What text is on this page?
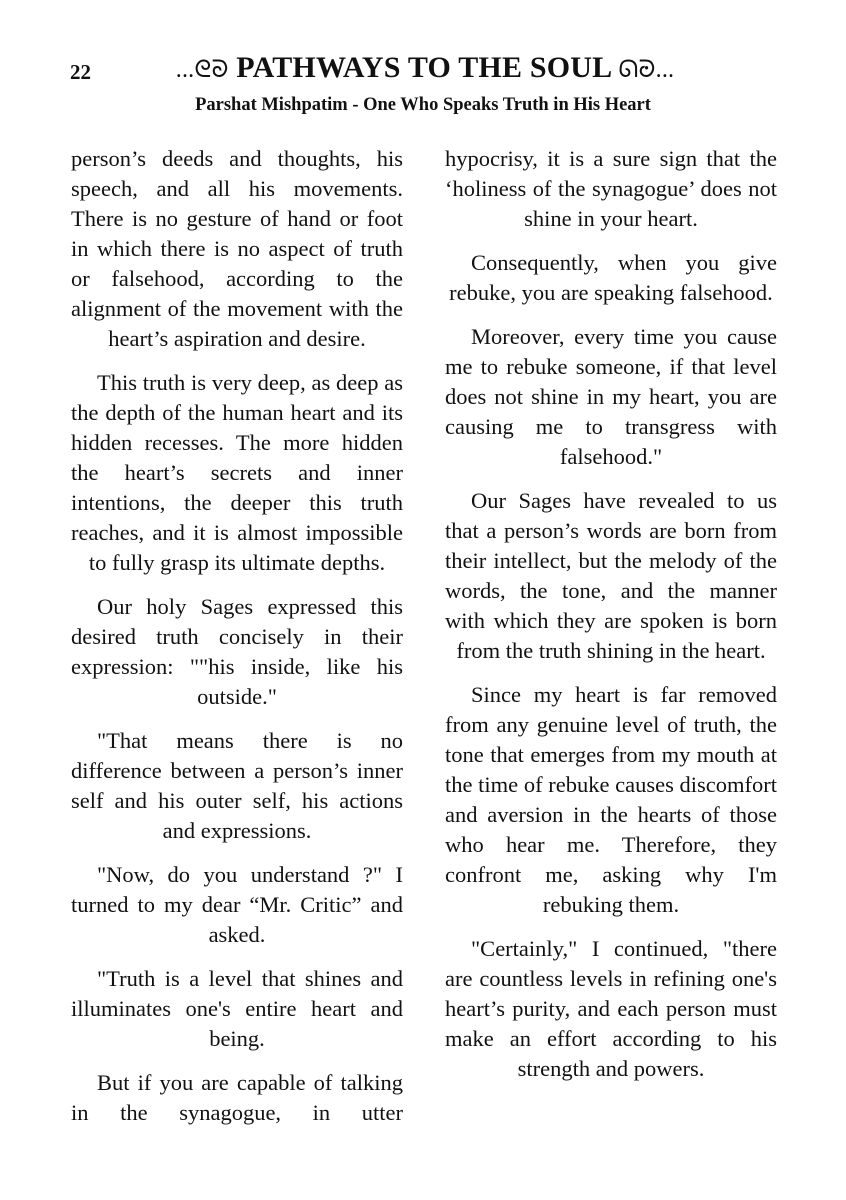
22	...ᘓᘐ PATHWAYS TO THE SOUL ᘏᘒ...
Parshat Mishpatim - One Who Speaks Truth in His Heart

person’s deeds and thoughts, his speech, and all his movements. There is no gesture of hand or foot in which there is no aspect of truth or falsehood, according to the alignment of the movement with the heart’s aspiration and desire.

This truth is very deep, as deep as the depth of the human heart and its hidden recesses. The more hidden the heart’s secrets and inner intentions, the deeper this truth reaches, and it is almost impossible to fully grasp its ultimate depths.

Our holy Sages expressed this desired truth concisely in their expression: ""his inside, like his outside."

"That means there is no difference between a person’s inner self and his outer self, his actions and expressions.

"Now, do you understand ?" I turned to my dear “Mr. Critic” and asked.

"Truth is a level that shines and illuminates one's entire heart and being.

But if you are capable of talking in the synagogue, in utter

hypocrisy, it is a sure sign that the ‘holiness of the synagogue’ does not shine in your heart.

Consequently, when you give rebuke, you are speaking falsehood.

Moreover, every time you cause me to rebuke someone, if that level does not shine in my heart, you are causing me to transgress with falsehood."

Our Sages have revealed to us that a person’s words are born from their intellect, but the melody of the words, the tone, and the manner with which they are spoken is born from the truth shining in the heart.

Since my heart is far removed from any genuine level of truth, the tone that emerges from my mouth at the time of rebuke causes discomfort and aversion in the hearts of those who hear me. Therefore, they confront me, asking why I'm rebuking them.

"Certainly," I continued, "there are countless levels in refining one's heart’s purity, and each person must make an effort according to his strength and powers.
